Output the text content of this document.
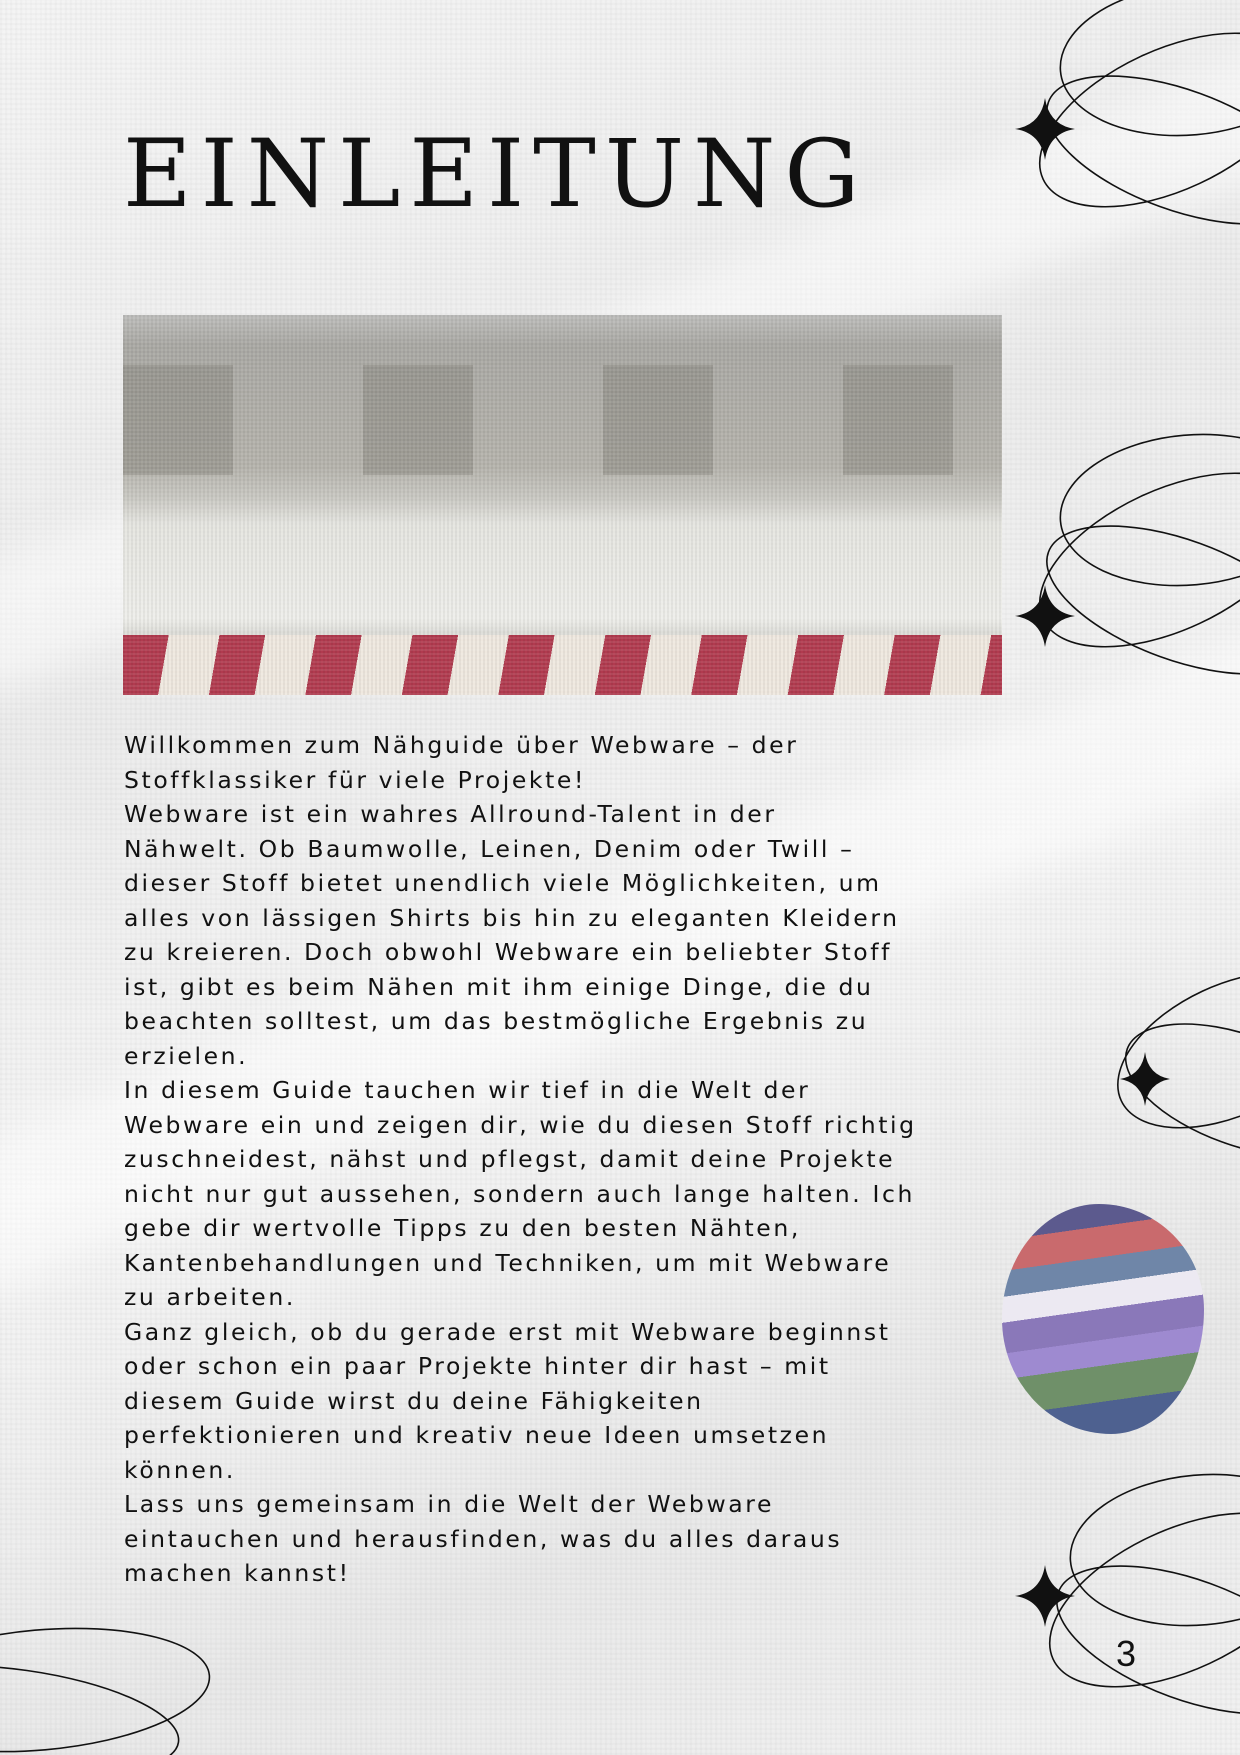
EINLEITUNG
Willkommen zum Nähguide über Webware – der
Stoffklassiker für viele Projekte!
Webware ist ein wahres Allround-Talent in der
Nähwelt. Ob Baumwolle, Leinen, Denim oder Twill –
dieser Stoff bietet unendlich viele Möglichkeiten, um
alles von lässigen Shirts bis hin zu eleganten Kleidern
zu kreieren. Doch obwohl Webware ein beliebter Stoff
ist, gibt es beim Nähen mit ihm einige Dinge, die du
beachten solltest, um das bestmögliche Ergebnis zu
erzielen.
In diesem Guide tauchen wir tief in die Welt der
Webware ein und zeigen dir, wie du diesen Stoff richtig
zuschneidest, nähst und pflegst, damit deine Projekte
nicht nur gut aussehen, sondern auch lange halten. Ich
gebe dir wertvolle Tipps zu den besten Nähten,
Kantenbehandlungen und Techniken, um mit Webware
zu arbeiten.
Ganz gleich, ob du gerade erst mit Webware beginnst
oder schon ein paar Projekte hinter dir hast – mit
diesem Guide wirst du deine Fähigkeiten
perfektionieren und kreativ neue Ideen umsetzen
können.
Lass uns gemeinsam in die Welt der Webware
eintauchen und herausfinden, was du alles daraus
machen kannst!
3
